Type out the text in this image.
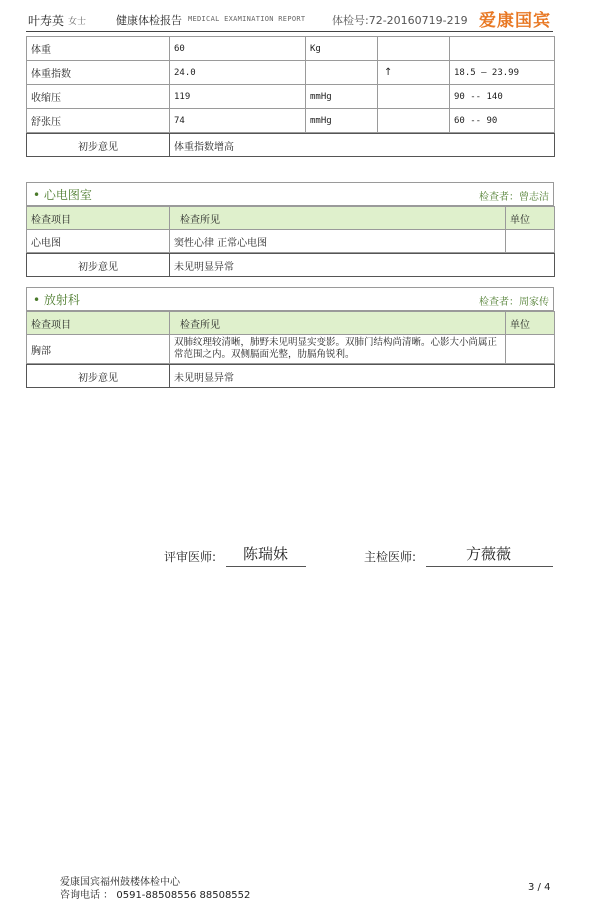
叶寿英 女士	健康体检报告 MEDICAL EXAMINATION REPORT 体检号:72-20160719-219 爱康国宾
体重	60	Kg		
体重指数	24.0		↑	18.5 — 23.99
收缩压	119	mmHg		90 -- 140
舒张压	74	mmHg		60 -- 90
初步意见	体重指数增高
• 心电图室	检查者：曾志洁
检查项目	检查所见	单位
心电图	窦性心律 正常心电图	
初步意见	未见明显异常
• 放射科	检查者：周家传
检查项目	检查所见	单位
胸部	双肺纹理较清晰，肺野未见明显实变影。双肺门结构尚清晰。心影大小尚属正常范围之内。双侧膈面光整，肋膈角锐利。	
初步意见	未见明显异常
评审医师: 陈瑞妹	主检医师:	方薇薇
爱康国宾福州鼓楼体检中心
咨询电话 ： 0591-88508556 88508552
3 / 4
